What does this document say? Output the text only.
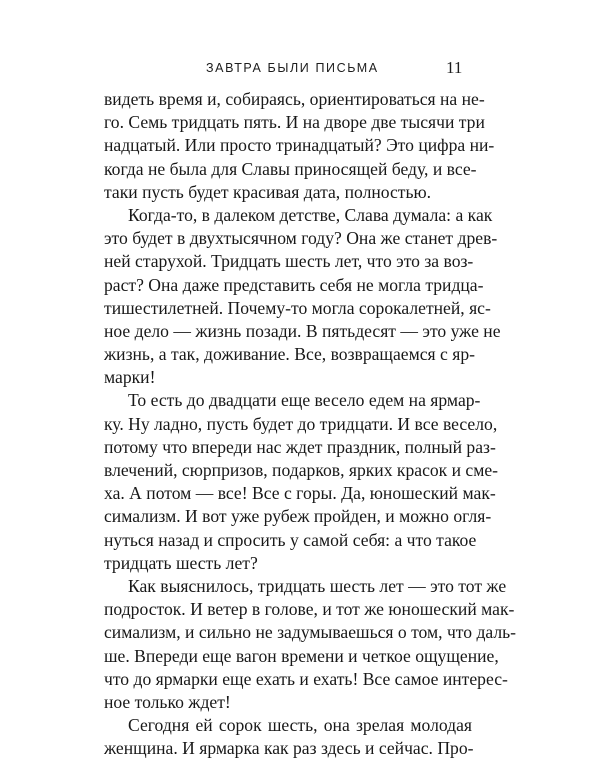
ЗАВТРА БЫЛИ ПИСЬМА	11
видеть время и, собираясь, ориентироваться на не-
го. Семь тридцать пять. И на дворе две тысячи три
надцатый. Или просто тринадцатый? Это цифра ни-
когда не была для Славы приносящей беду, и все-
таки пусть будет красивая дата, полностью.
Когда-то, в далеком детстве, Слава думала: а как
это будет в двухтысячном году? Она же станет древ-
ней старухой. Тридцать шесть лет, что это за воз-
раст? Она даже представить себя не могла тридца-
тишестилетней. Почему-то могла сорокалетней, яс-
ное дело — жизнь позади. В пятьдесят — это уже не
жизнь, а так, доживание. Все, возвращаемся с яр-
марки!
То есть до двадцати еще весело едем на ярмар-
ку. Ну ладно, пусть будет до тридцати. И все весело,
потому что впереди нас ждет праздник, полный раз-
влечений, сюрпризов, подарков, ярких красок и сме-
ха. А потом — все! Все с горы. Да, юношеский мак-
симализм. И вот уже рубеж пройден, и можно огля-
нуться назад и спросить у самой себя: а что такое
тридцать шесть лет?
Как выяснилось, тридцать шесть лет — это тот же
подросток. И ветер в голове, и тот же юношеский мак-
симализм, и сильно не задумываешься о том, что даль-
ше. Впереди еще вагон времени и четкое ощущение,
что до ярмарки еще ехать и ехать! Все самое интерес-
ное только ждет!
Сегодня ей сорок шесть, она зрелая молодая
женщина. И ярмарка как раз здесь и сейчас. Про-
